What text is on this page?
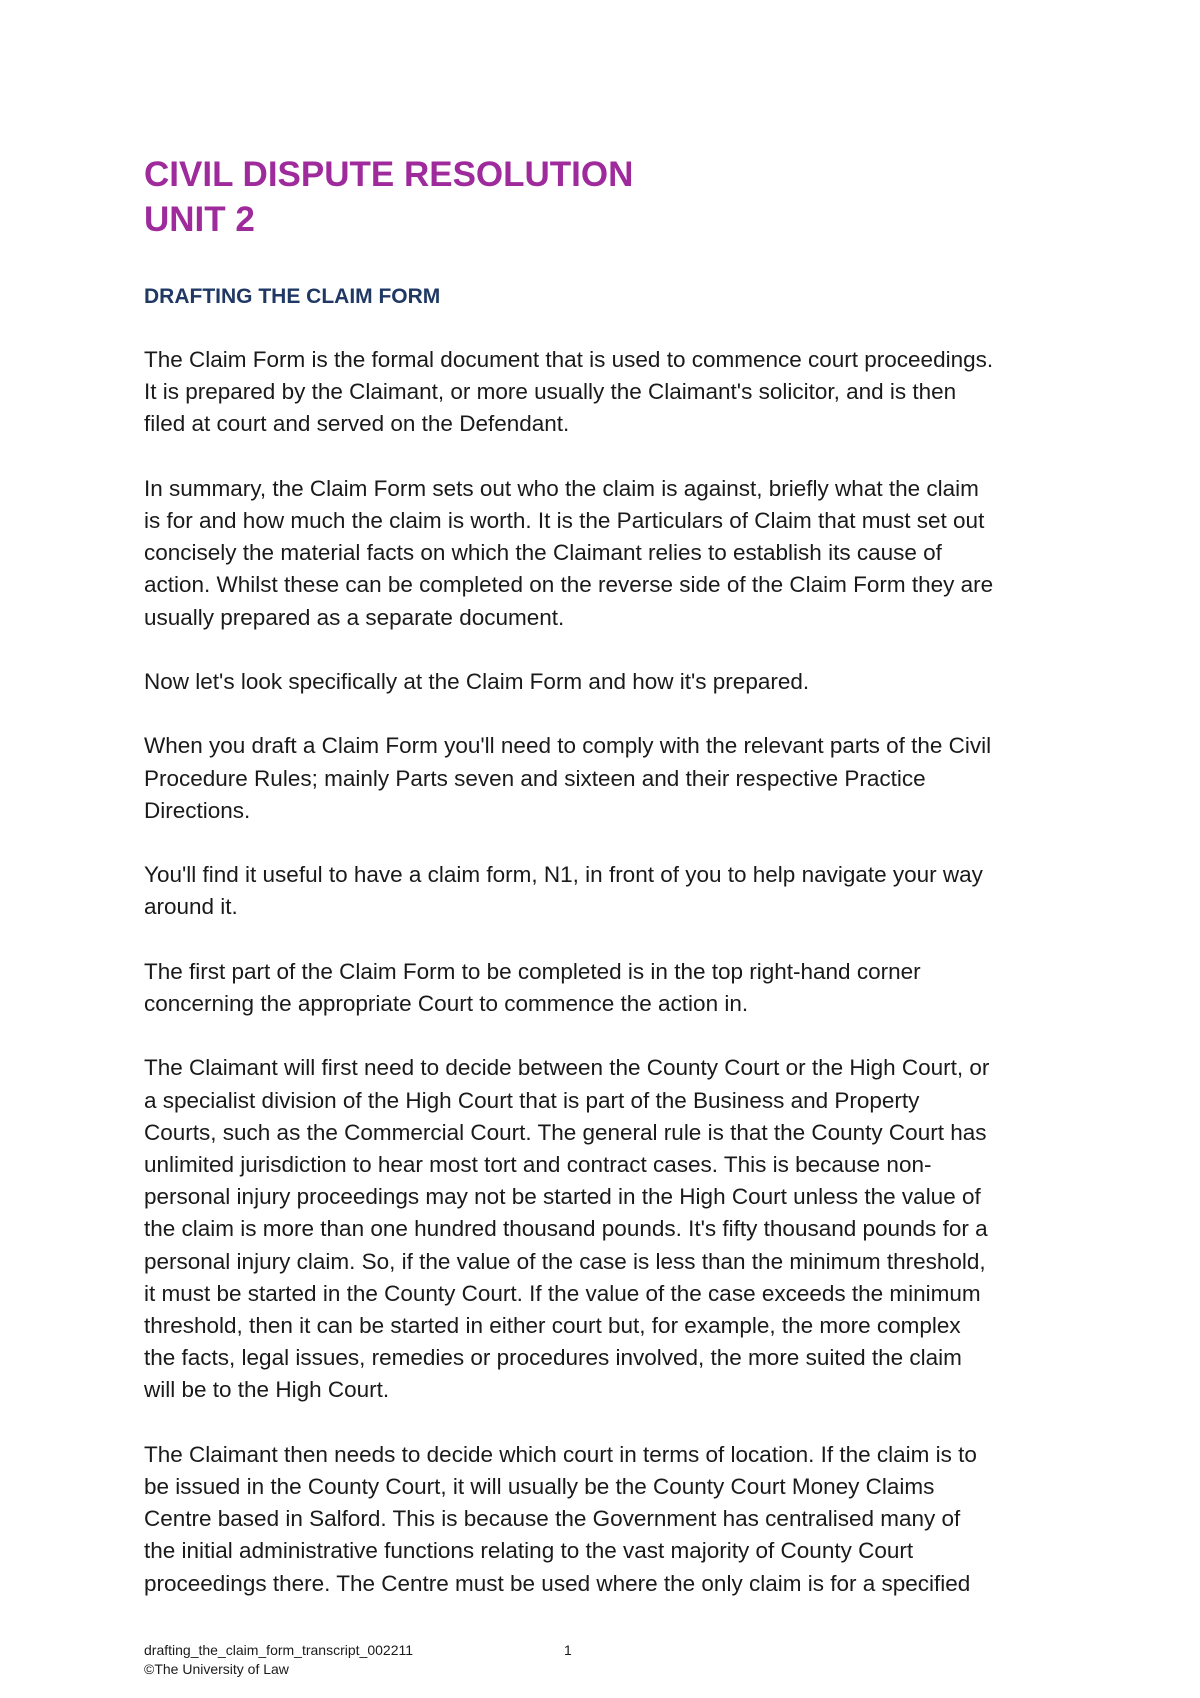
CIVIL DISPUTE RESOLUTION
UNIT 2
DRAFTING THE CLAIM FORM

The Claim Form is the formal document that is used to commence court proceedings.
It is prepared by the Claimant, or more usually the Claimant's solicitor, and is then
filed at court and served on the Defendant.

In summary, the Claim Form sets out who the claim is against, briefly what the claim
is for and how much the claim is worth. It is the Particulars of Claim that must set out
concisely the material facts on which the Claimant relies to establish its cause of
action. Whilst these can be completed on the reverse side of the Claim Form they are
usually prepared as a separate document.

Now let's look specifically at the Claim Form and how it's prepared.

When you draft a Claim Form you'll need to comply with the relevant parts of the Civil
Procedure Rules; mainly Parts seven and sixteen and their respective Practice
Directions.

You'll find it useful to have a claim form, N1, in front of you to help navigate your way
around it.

The first part of the Claim Form to be completed is in the top right-hand corner
concerning the appropriate Court to commence the action in.

The Claimant will first need to decide between the County Court or the High Court, or
a specialist division of the High Court that is part of the Business and Property
Courts, such as the Commercial Court. The general rule is that the County Court has
unlimited jurisdiction to hear most tort and contract cases. This is because non-
personal injury proceedings may not be started in the High Court unless the value of
the claim is more than one hundred thousand pounds. It's fifty thousand pounds for a
personal injury claim. So, if the value of the case is less than the minimum threshold,
it must be started in the County Court. If the value of the case exceeds the minimum
threshold, then it can be started in either court but, for example, the more complex
the facts, legal issues, remedies or procedures involved, the more suited the claim
will be to the High Court.

The Claimant then needs to decide which court in terms of location. If the claim is to
be issued in the County Court, it will usually be the County Court Money Claims
Centre based in Salford. This is because the Government has centralised many of
the initial administrative functions relating to the vast majority of County Court
proceedings there. The Centre must be used where the only claim is for a specified

drafting_the_claim_form_transcript_002211	1
©The University of Law
